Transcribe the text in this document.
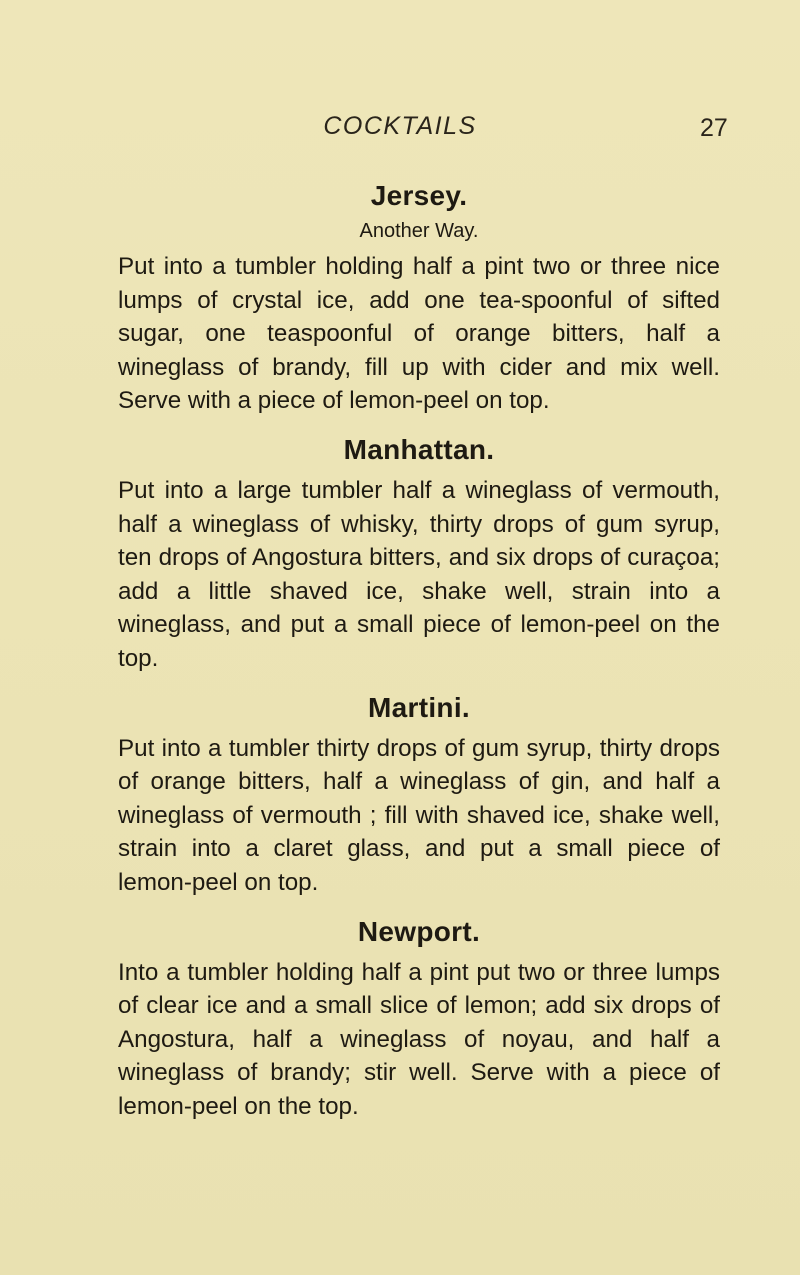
COCKTAILS	27
Jersey.
Another Way.

Put into a tumbler holding half a pint two or three nice lumps of crystal ice, add one tea-spoonful of sifted sugar, one teaspoonful of orange bitters, half a wineglass of brandy, fill up with cider and mix well. Serve with a piece of lemon-peel on top.

Manhattan.

Put into a large tumbler half a wineglass of vermouth, half a wineglass of whisky, thirty drops of gum syrup, ten drops of Angostura bitters, and six drops of curaçoa; add a little shaved ice, shake well, strain into a wineglass, and put a small piece of lemon-peel on the top.

Martini.

Put into a tumbler thirty drops of gum syrup, thirty drops of orange bitters, half a wineglass of gin, and half a wineglass of vermouth ; fill with shaved ice, shake well, strain into a claret glass, and put a small piece of lemon-peel on top.

Newport.

Into a tumbler holding half a pint put two or three lumps of clear ice and a small slice of lemon; add six drops of Angostura, half a wineglass of noyau, and half a wineglass of brandy; stir well. Serve with a piece of lemon-peel on the top.
